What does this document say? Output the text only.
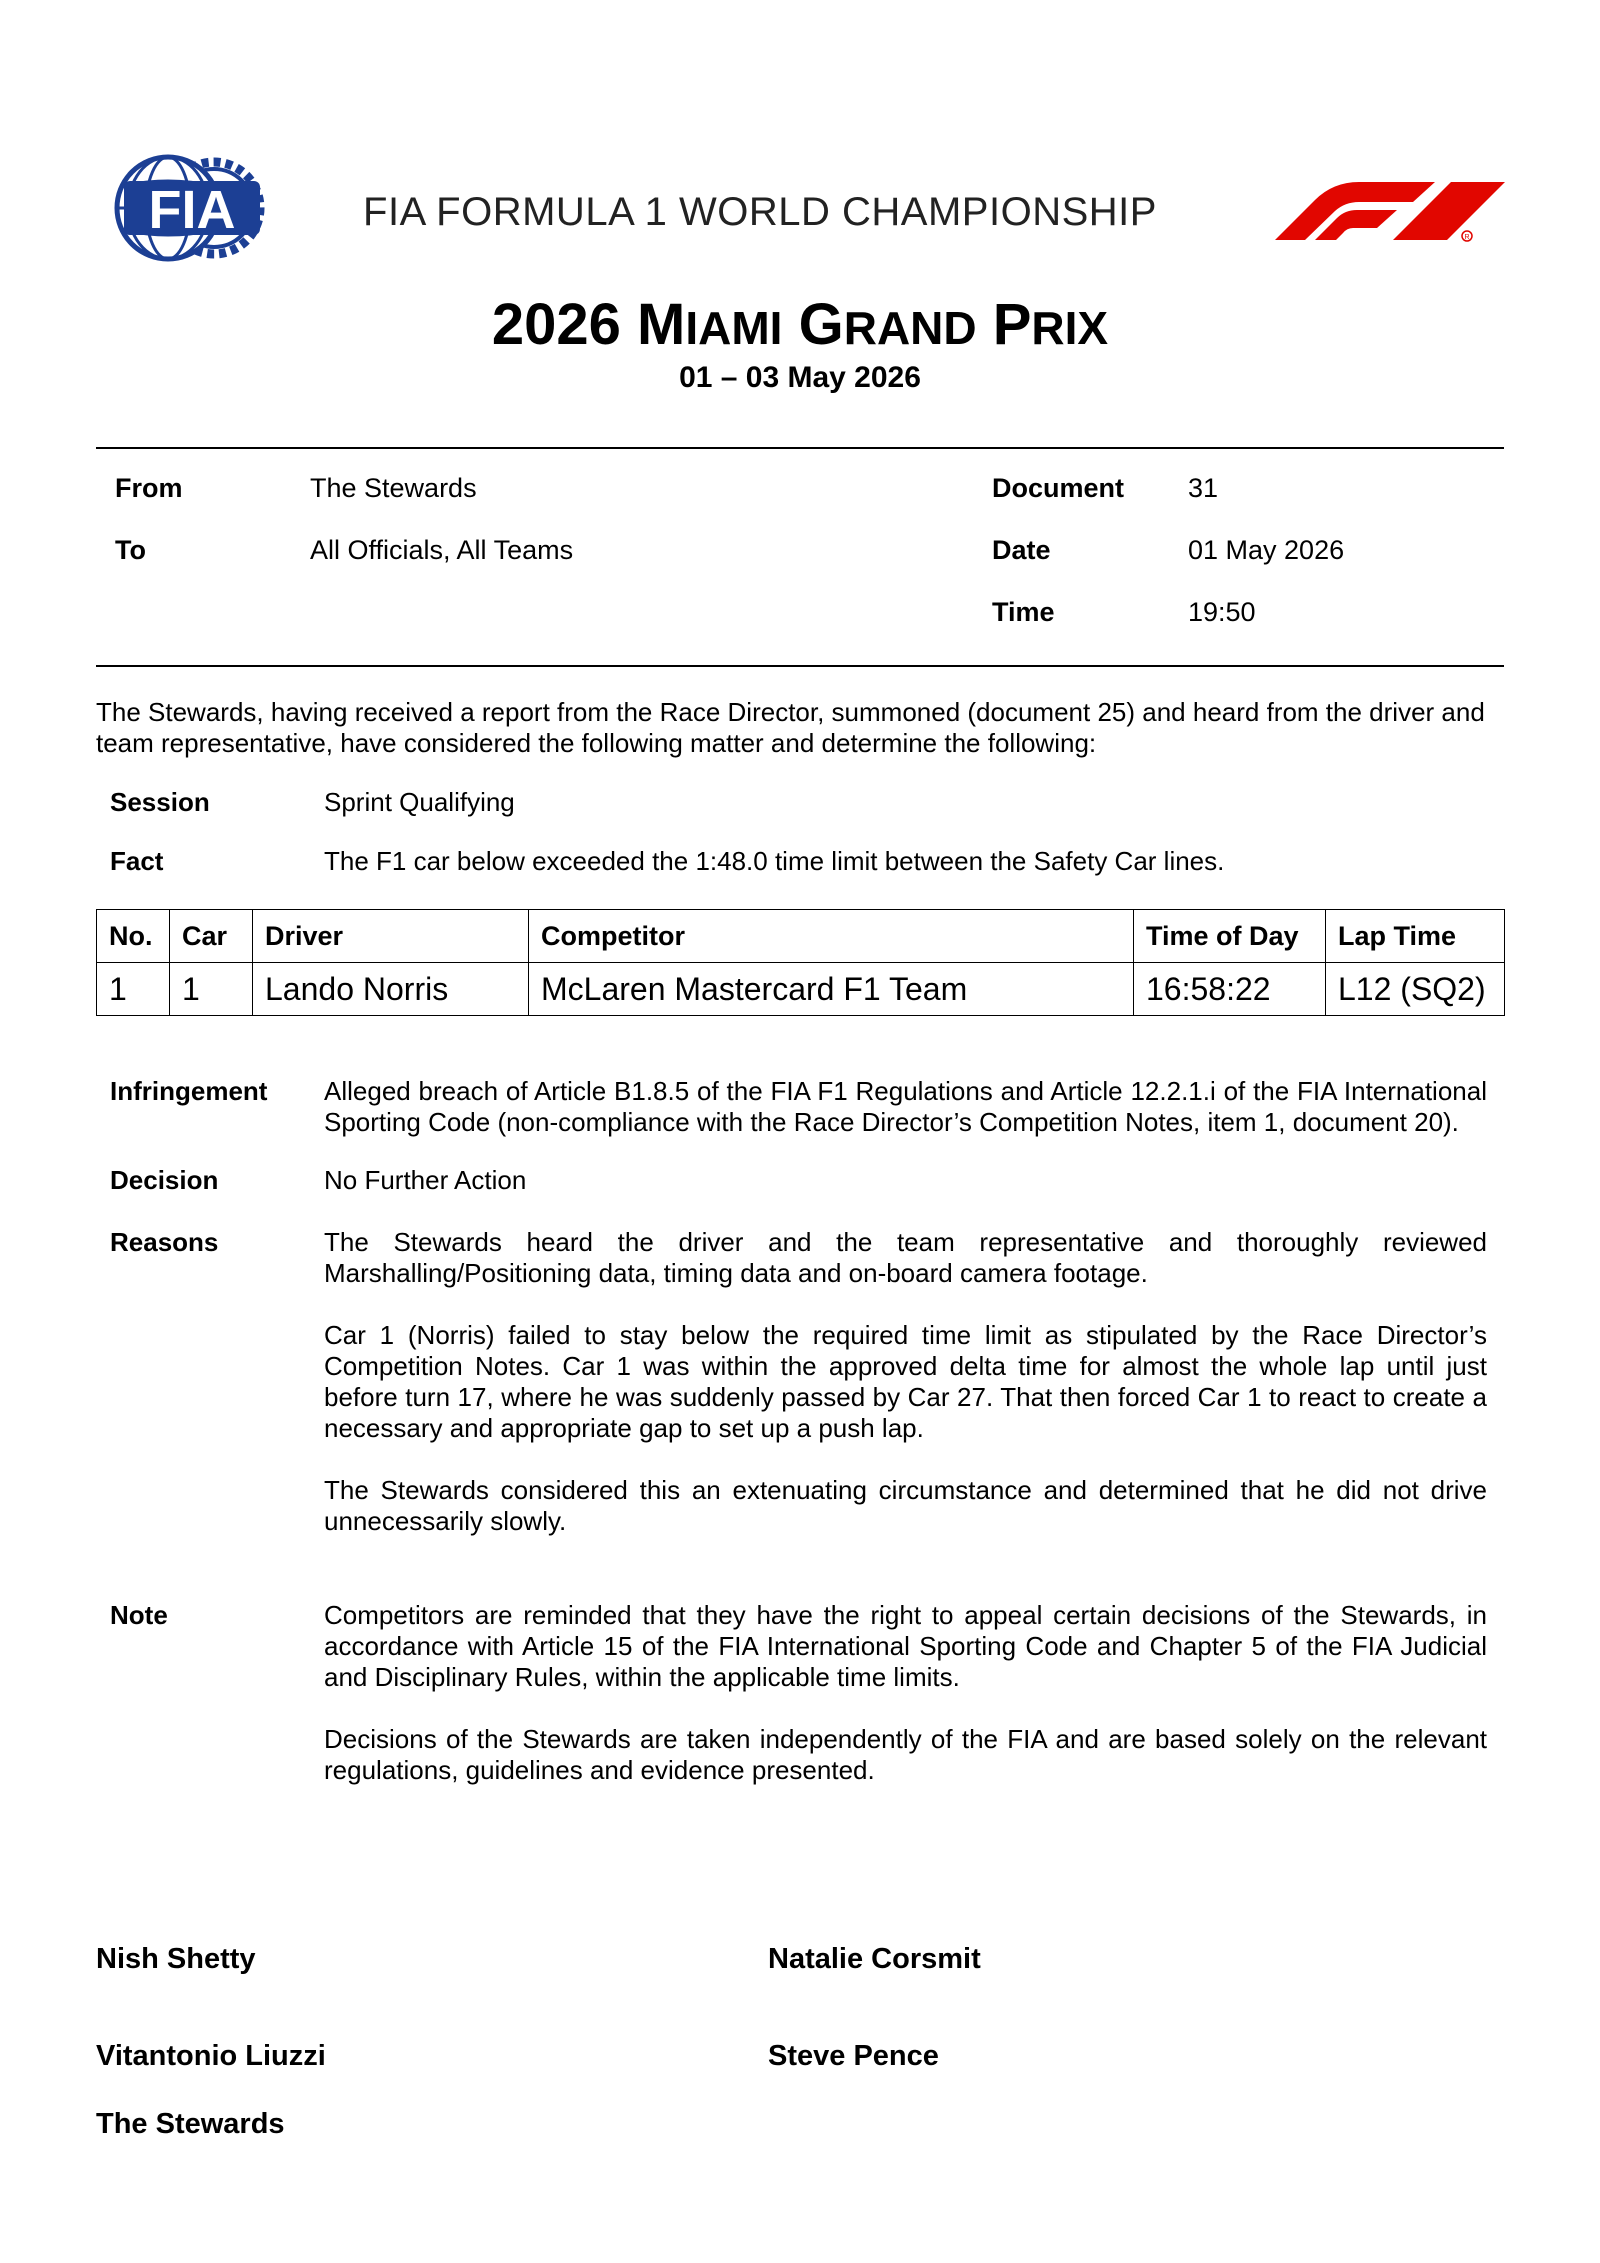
FIA	FIA FORMULA 1 WORLD CHAMPIONSHIP
R
2026 MIAMI GRAND PRIX
01 – 03 May 2026
From	The Stewards	Document 31
To	All Officials, All Teams	Date	01 May 2026
Time	19:50
The Stewards, having received a report from the Race Director, summoned (document 25) and heard from the driver and team representative, have considered the following matter and determine the following:
Session	Sprint Qualifying
Fact	The F1 car below exceeded the 1:48.0 time limit between the Safety Car lines.
No.	Car	Driver	Competitor	Time of Day	Lap Time
1	1	Lando Norris	McLaren Mastercard F1 Team	16:58:22	L12 (SQ2)
Infringement Alleged breach of Article B1.8.5 of the FIA F1 Regulations and Article 12.2.1.i of the FIA International Sporting Code (non-compliance with the Race Director’s Competition Notes, item 1, document 20).
Decision	No Further Action
Reasons	The Stewards heard the driver and the team representative and thoroughly reviewed Marshalling/Positioning data, timing data and on-board camera footage.
Car 1 (Norris) failed to stay below the required time limit as stipulated by the Race Director’s Competition Notes. Car 1 was within the approved delta time for almost the whole lap until just before turn 17, where he was suddenly passed by Car 27. That then forced Car 1 to react to create a necessary and appropriate gap to set up a push lap.
The Stewards considered this an extenuating circumstance and determined that he did not drive unnecessarily slowly.
Note	Competitors are reminded that they have the right to appeal certain decisions of the Stewards, in accordance with Article 15 of the FIA International Sporting Code and Chapter 5 of the FIA Judicial and Disciplinary Rules, within the applicable time limits.
Decisions of the Stewards are taken independently of the FIA and are based solely on the relevant regulations, guidelines and evidence presented.
Nish Shetty	Natalie Corsmit
Vitantonio Liuzzi	Steve Pence
The Stewards
